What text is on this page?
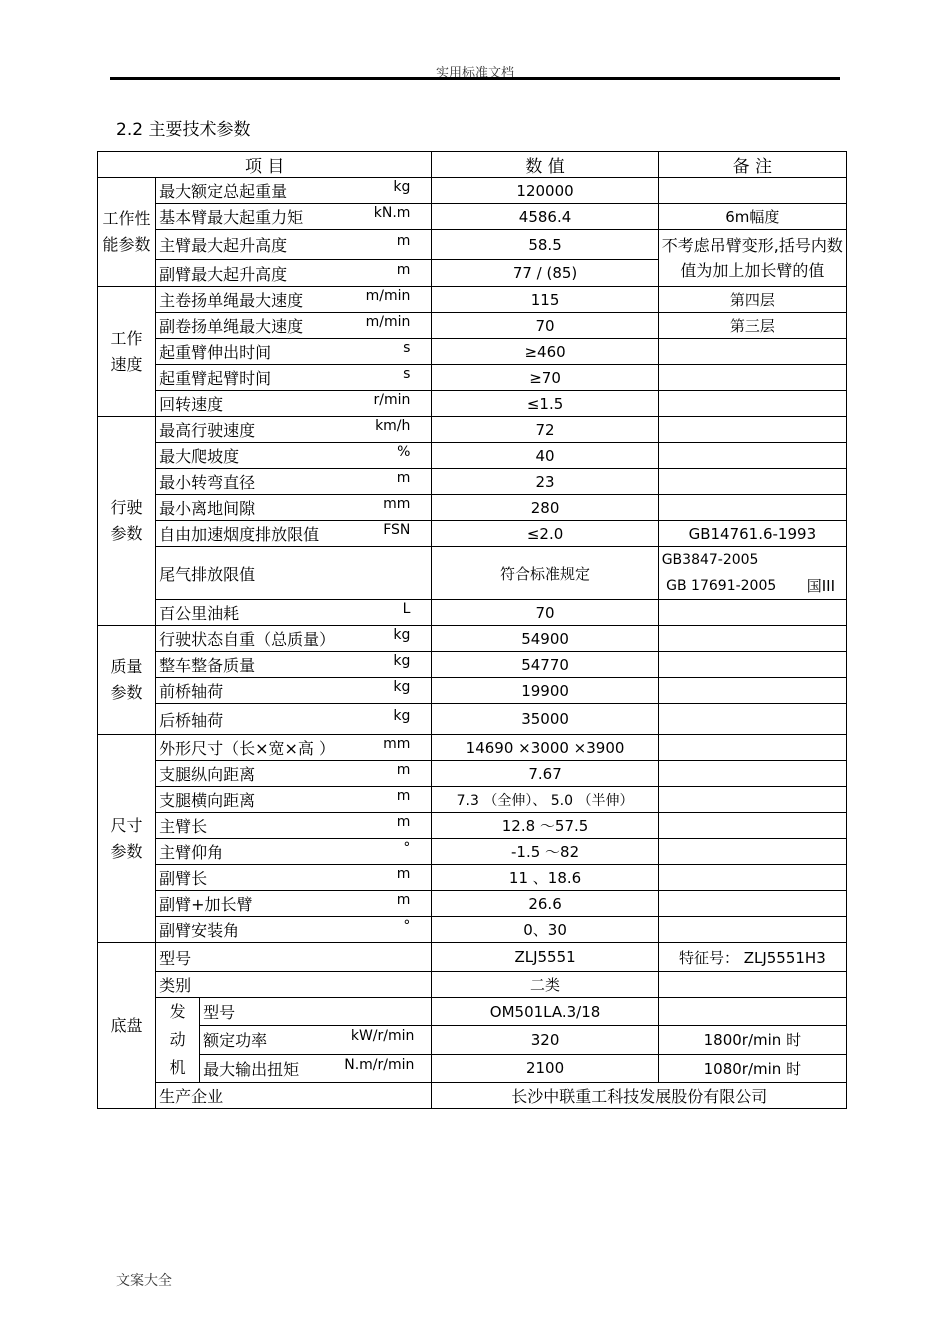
实用标准文档
2.2 主要技术参数
项 目			数 值	备 注
工作性能参数	最大额定总起重量 kg		120000	
	基本臂最大起重力矩 kN.m		4586.4	6m幅度
	主臂最大起升高度 m		58.5	不考虑吊臂变形,括号内数值为加上加长臂的值
	副臂最大起升高度 m		77 / (85)	
工作速度	主卷扬单绳最大速度 m/min		115	第四层
	副卷扬单绳最大速度 m/min		70	第三层
	起重臂伸出时间 s		≥460	
	起重臂起臂时间 s		≥70	
	回转速度 r/min		≤1.5	
行驶参数	最高行驶速度 km/h		72	
	最大爬坡度 %		40	
	最小转弯直径 m		23	
	最小离地间隙 mm		280	
	自由加速烟度排放限值 FSN		≤2.0	GB14761.6-1993
	尾气排放限值		符合标准规定	GB3847-2005
GB 17691-2005 国III

	百公里油耗 L		70	
质量参数	行驶状态自重（总质量） kg		54900	
	整车整备质量 kg		54770	
	前桥轴荷 kg		19900	
	后桥轴荷 kg		35000	
尺寸参数	外形尺寸（长×宽×高 ） mm		14690 ×3000 ×3900	
	支腿纵向距离 m		7.67	
	支腿横向距离 m		7.3 （全伸）、 5.0 （半伸）	
	主臂长 m		12.8 ～57.5	
	主臂仰角 °		-1.5 ～82	
	副臂长 m		11 、18.6	
	副臂+加长臂 m		26.6	
	副臂安装角 °		0、30	
底盘	型号		ZLJ5551	特征号： ZLJ5551H3
	类别		二类	
	发动机	型号	OM501LA.3/18	
		额定功率 kW/r/min	320	1800r/min 时
		最大输出扭矩 N.m/r/min	2100	1080r/min 时
	生产企业		长沙中联重工科技发展股份有限公司	
文案大全
